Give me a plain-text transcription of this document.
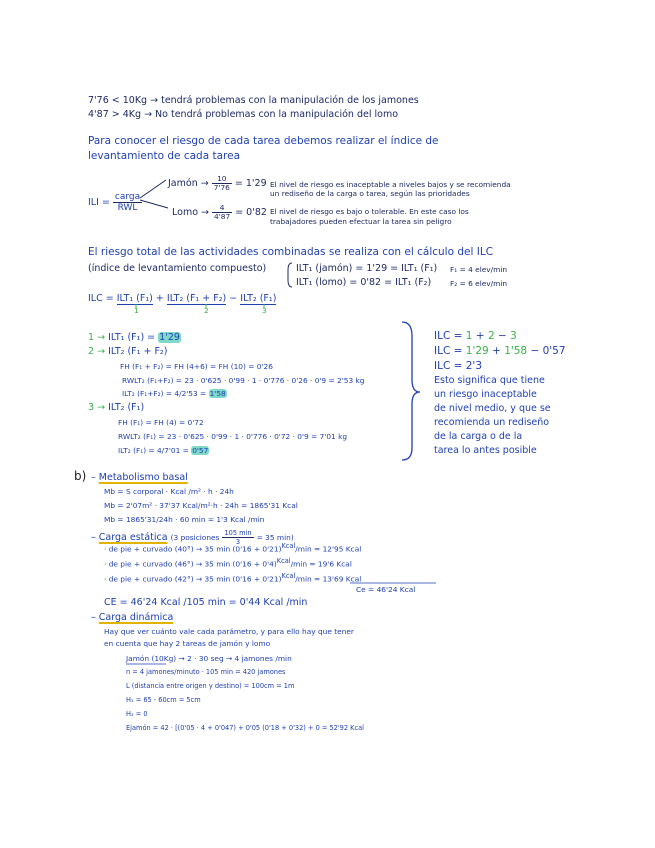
7'76 < 10Kg → tendrá problemas con la manipulación de los jamones
4'87 > 4Kg → No tendrá problemas con la manipulación del lomo
Para conocer el riesgo de cada tarea debemos realizar el índice de
levantamiento de cada tarea
ILI = $\frac{\text{carga}}{\text{RWL}}$
Jamón → $\frac{10}{7'76} = 1'29$ El nivel de riesgo es inaceptable a niveles bajos y se recomienda
un rediseño de la carga o tarea, según las prioridades
Lomo → $\frac{4}{4'87} = 0'82$ El nivel de riesgo es bajo o tolerable. En este caso los
trabajadores pueden efectuar la tarea sin peligro
El riesgo total de las actividades combinadas se realiza con el cálculo del ILC
(índice de levantamiento compuesto)	ILT₁ (jamón) = 1'29 = ILT₁ (F₁)
ILT₁ (lomo) = 0'82 = ILT₁ (F₂)
F₁ = 4 elev/min
F₂ = 6 elev/min
ILC = ILT₁ (F₁) + ILT₂ (F₁ + F₂) − ILT₂ (F₁)
1	2	3
1 → ILT₁ (F₁) = 1'29
2 → ILT₂ (F₁ + F₂)
FH (F₁ + F₂) = FH (4+6) = FH (10) = 0'26
RWLT₂ (F₁+F₂) = 23 · 0'625 · 0'99 · 1 · 0'776 · 0'26 · 0'9 = 2'53 kg
ILT₂ (F₁+F₂) = 4/2'53 = 1'58
3 → ILT₂ (F₁)
FH (F₁) = FH (4) = 0'72
RWLT₂ (F₁) = 23 · 0'625 · 0'99 · 1 · 0'776 · 0'72 · 0'9 = 7'01 kg
ILT₂ (F₁) = 4/7'01 = 0'57
ILC = 1 + 2 − 3
ILC = 1'29 + 1'58 − 0'57
ILC = 2'3
Esto significa que tiene
un riesgo inaceptable
de nivel medio, y que se
recomienda un rediseño
de la carga o de la
tarea lo antes posible
b) – Metabolismo basal
Mb = S corporal · Kcal /m² · h · 24h
Mb = 2'07m² · 37'37 Kcal/m²·h · 24h = 1865'31 Kcal
Mb = 1865'31/24h · 60 min = 1'3 Kcal /min
– Carga estática (3 posiciones $\frac{105 \min}{3} = 35$ min)
· de pie + curvado (40°) → 35 $\min (0'16 + 0'21)^{Kcal}/\min = 12'95$ Kcal
· de pie + curvado (46°) → 35 $\min (0'16 + 0'4)^{Kcal}/\min = 19'6$ Kcal
· de pie + curvado (42°) → 35 $\min (0'16 + 0'21)^{Kcal}/\min = 13'69$ Kcal
Ce = 46'24 Kcal
CE = 46'24 Kcal /105 min = 0'44 Kcal /min
– Carga dinámica
Hay que ver cuánto vale cada parámetro, y para ello hay que tener
en cuenta que hay 2 tareas de jamón y lomo
Jamón (10Kg) → 2 · 30 seg → 4 jamones /min
n = 4 jamones/minuto · 105 min = 420 jamones
L (distancia entre origen y destino) = 100cm = 1m
H₁ = 65 - 60cm = 5cm
H₂ = 0
Ejamón = 42 · [(0'05 · 4 + 0'047) + 0'05 (0'18 + 0'32) + 0 = 52'92 Kcal
